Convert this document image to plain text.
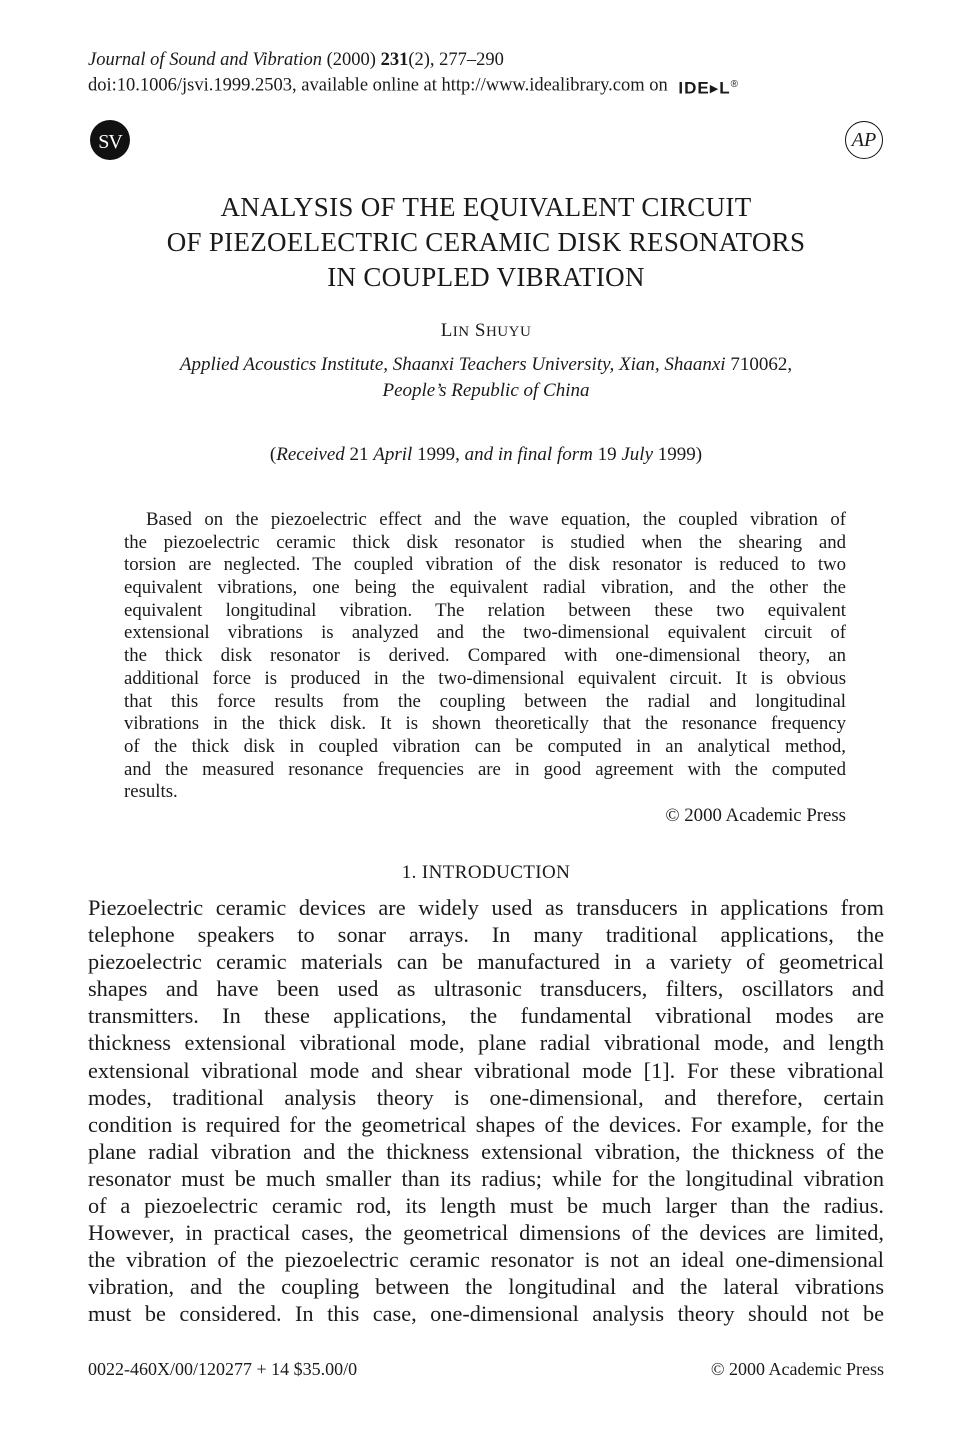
Journal of Sound and Vibration (2000) 231(2), 277–290
doi:10.1006/jsvi.1999.2503, available online at http://www.idealibrary.com on IDE▸L®
SV	AP
ANALYSIS OF THE EQUIVALENT CIRCUIT
OF PIEZOELECTRIC CERAMIC DISK RESONATORS
IN COUPLED VIBRATION
LIN SHUYU
Applied Acoustics Institute, Shaanxi Teachers University, Xian, Shaanxi 710062,
People’s Republic of China
(Received 21 April 1999, and in final form 19 July 1999)
Based on the piezoelectric effect and the wave equation, the coupled vibration of
the piezoelectric ceramic thick disk resonator is studied when the shearing and
torsion are neglected. The coupled vibration of the disk resonator is reduced to two
equivalent vibrations, one being the equivalent radial vibration, and the other the
equivalent longitudinal vibration. The relation between these two equivalent
extensional vibrations is analyzed and the two-dimensional equivalent circuit of
the thick disk resonator is derived. Compared with one-dimensional theory, an
additional force is produced in the two-dimensional equivalent circuit. It is obvious
that this force results from the coupling between the radial and longitudinal
vibrations in the thick disk. It is shown theoretically that the resonance frequency
of the thick disk in coupled vibration can be computed in an analytical method,
and the measured resonance frequencies are in good agreement with the computed
results.
© 2000 Academic Press
1. INTRODUCTION
Piezoelectric ceramic devices are widely used as transducers in applications from
telephone speakers to sonar arrays. In many traditional applications, the
piezoelectric ceramic materials can be manufactured in a variety of geometrical
shapes and have been used as ultrasonic transducers, filters, oscillators and
transmitters. In these applications, the fundamental vibrational modes are
thickness extensional vibrational mode, plane radial vibrational mode, and length
extensional vibrational mode and shear vibrational mode [1]. For these vibrational
modes, traditional analysis theory is one-dimensional, and therefore, certain
condition is required for the geometrical shapes of the devices. For example, for the
plane radial vibration and the thickness extensional vibration, the thickness of the
resonator must be much smaller than its radius; while for the longitudinal vibration
of a piezoelectric ceramic rod, its length must be much larger than the radius.
However, in practical cases, the geometrical dimensions of the devices are limited,
the vibration of the piezoelectric ceramic resonator is not an ideal one-dimensional
vibration, and the coupling between the longitudinal and the lateral vibrations
must be considered. In this case, one-dimensional analysis theory should not be
0022-460X/00/120277 + 14 $35.00/0	© 2000 Academic Press
